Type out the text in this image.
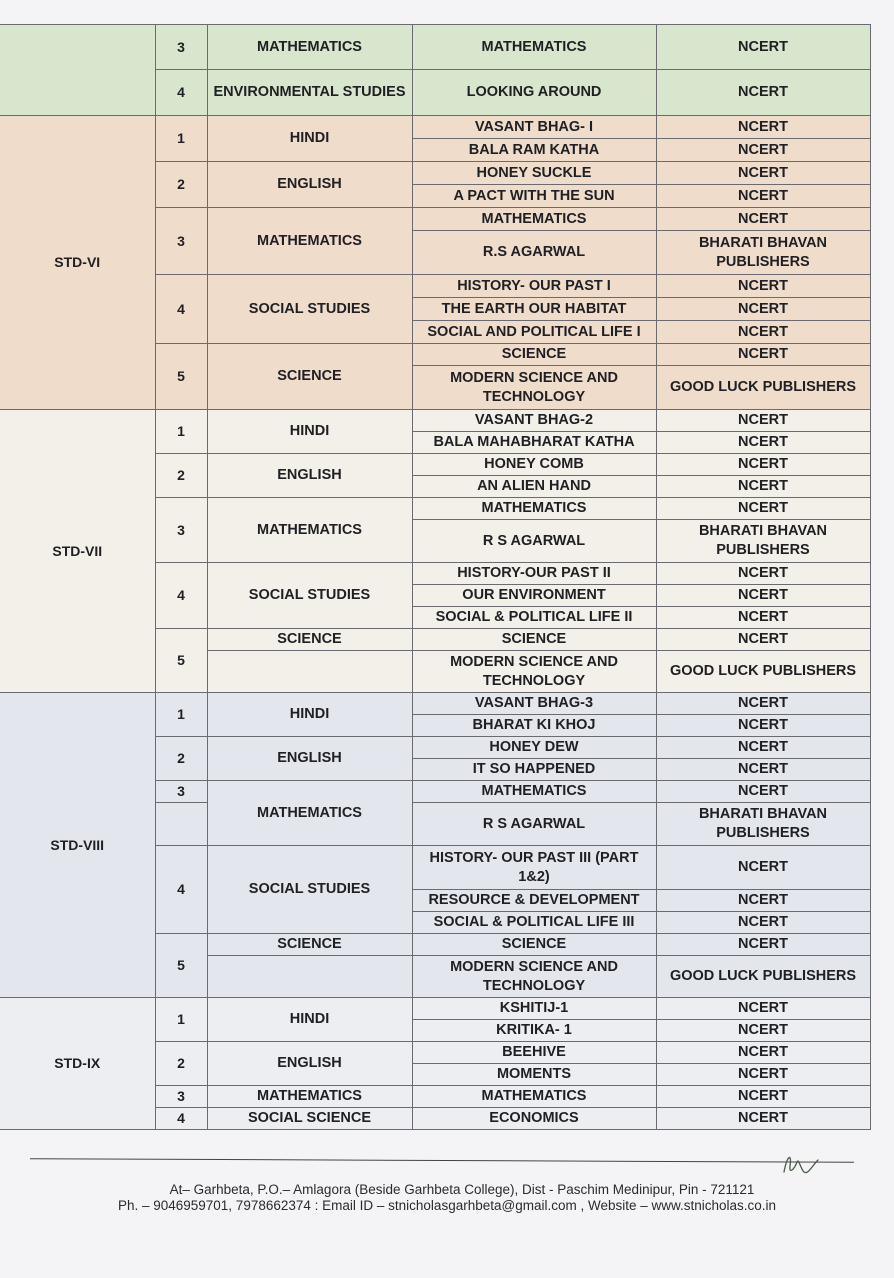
	3	MATHEMATICS	MATHEMATICS	NCERT
	4	ENVIRONMENTAL STUDIES	LOOKING AROUND	NCERT
STD-VI	1	HINDI	VASANT BHAG- I	NCERT
			BALA RAM KATHA	NCERT
	2	ENGLISH	HONEY SUCKLE	NCERT
			A PACT WITH THE SUN	NCERT
	3	MATHEMATICS	MATHEMATICS	NCERT
			R.S AGARWAL	BHARATI BHAVAN PUBLISHERS
	4	SOCIAL STUDIES	HISTORY- OUR PAST I	NCERT
			THE EARTH OUR HABITAT	NCERT
			SOCIAL AND POLITICAL LIFE I	NCERT
	5	SCIENCE	SCIENCE	NCERT
			MODERN SCIENCE AND TECHNOLOGY	GOOD LUCK PUBLISHERS
STD-VII	1	HINDI	VASANT BHAG-2	NCERT
			BALA MAHABHARAT KATHA	NCERT
	2	ENGLISH	HONEY COMB	NCERT
			AN ALIEN HAND	NCERT
	3	MATHEMATICS	MATHEMATICS	NCERT
			R S AGARWAL	BHARATI BHAVAN PUBLISHERS
	4	SOCIAL STUDIES	HISTORY-OUR PAST II	NCERT
			OUR ENVIRONMENT	NCERT
			SOCIAL & POLITICAL LIFE II	NCERT
	5	SCIENCE	SCIENCE	NCERT
			MODERN SCIENCE AND TECHNOLOGY	GOOD LUCK PUBLISHERS
STD-VIII	1	HINDI	VASANT BHAG-3	NCERT
			BHARAT KI KHOJ	NCERT
	2	ENGLISH	HONEY DEW	NCERT
			IT SO HAPPENED	NCERT
	3	MATHEMATICS	MATHEMATICS	NCERT
			R S AGARWAL	BHARATI BHAVAN PUBLISHERS
	4	SOCIAL STUDIES	HISTORY- OUR PAST III (PART 1&2)	NCERT
			RESOURCE & DEVELOPMENT	NCERT
			SOCIAL & POLITICAL LIFE III	NCERT
	5	SCIENCE	SCIENCE	NCERT
			MODERN SCIENCE AND TECHNOLOGY	GOOD LUCK PUBLISHERS
STD-IX	1	HINDI	KSHITIJ-1	NCERT
			KRITIKA- 1	NCERT
	2	ENGLISH	BEEHIVE	NCERT
			MOMENTS	NCERT
	3	MATHEMATICS	MATHEMATICS	NCERT
	4	SOCIAL SCIENCE	ECONOMICS	NCERT
At– Garhbeta, P.O.– Amlagora (Beside Garhbeta College), Dist - Paschim Medinipur, Pin - 721121
Ph. – 9046959701, 7978662374 : Email ID – stnicholasgarhbeta@gmail.com , Website – www.stnicholas.co.in
